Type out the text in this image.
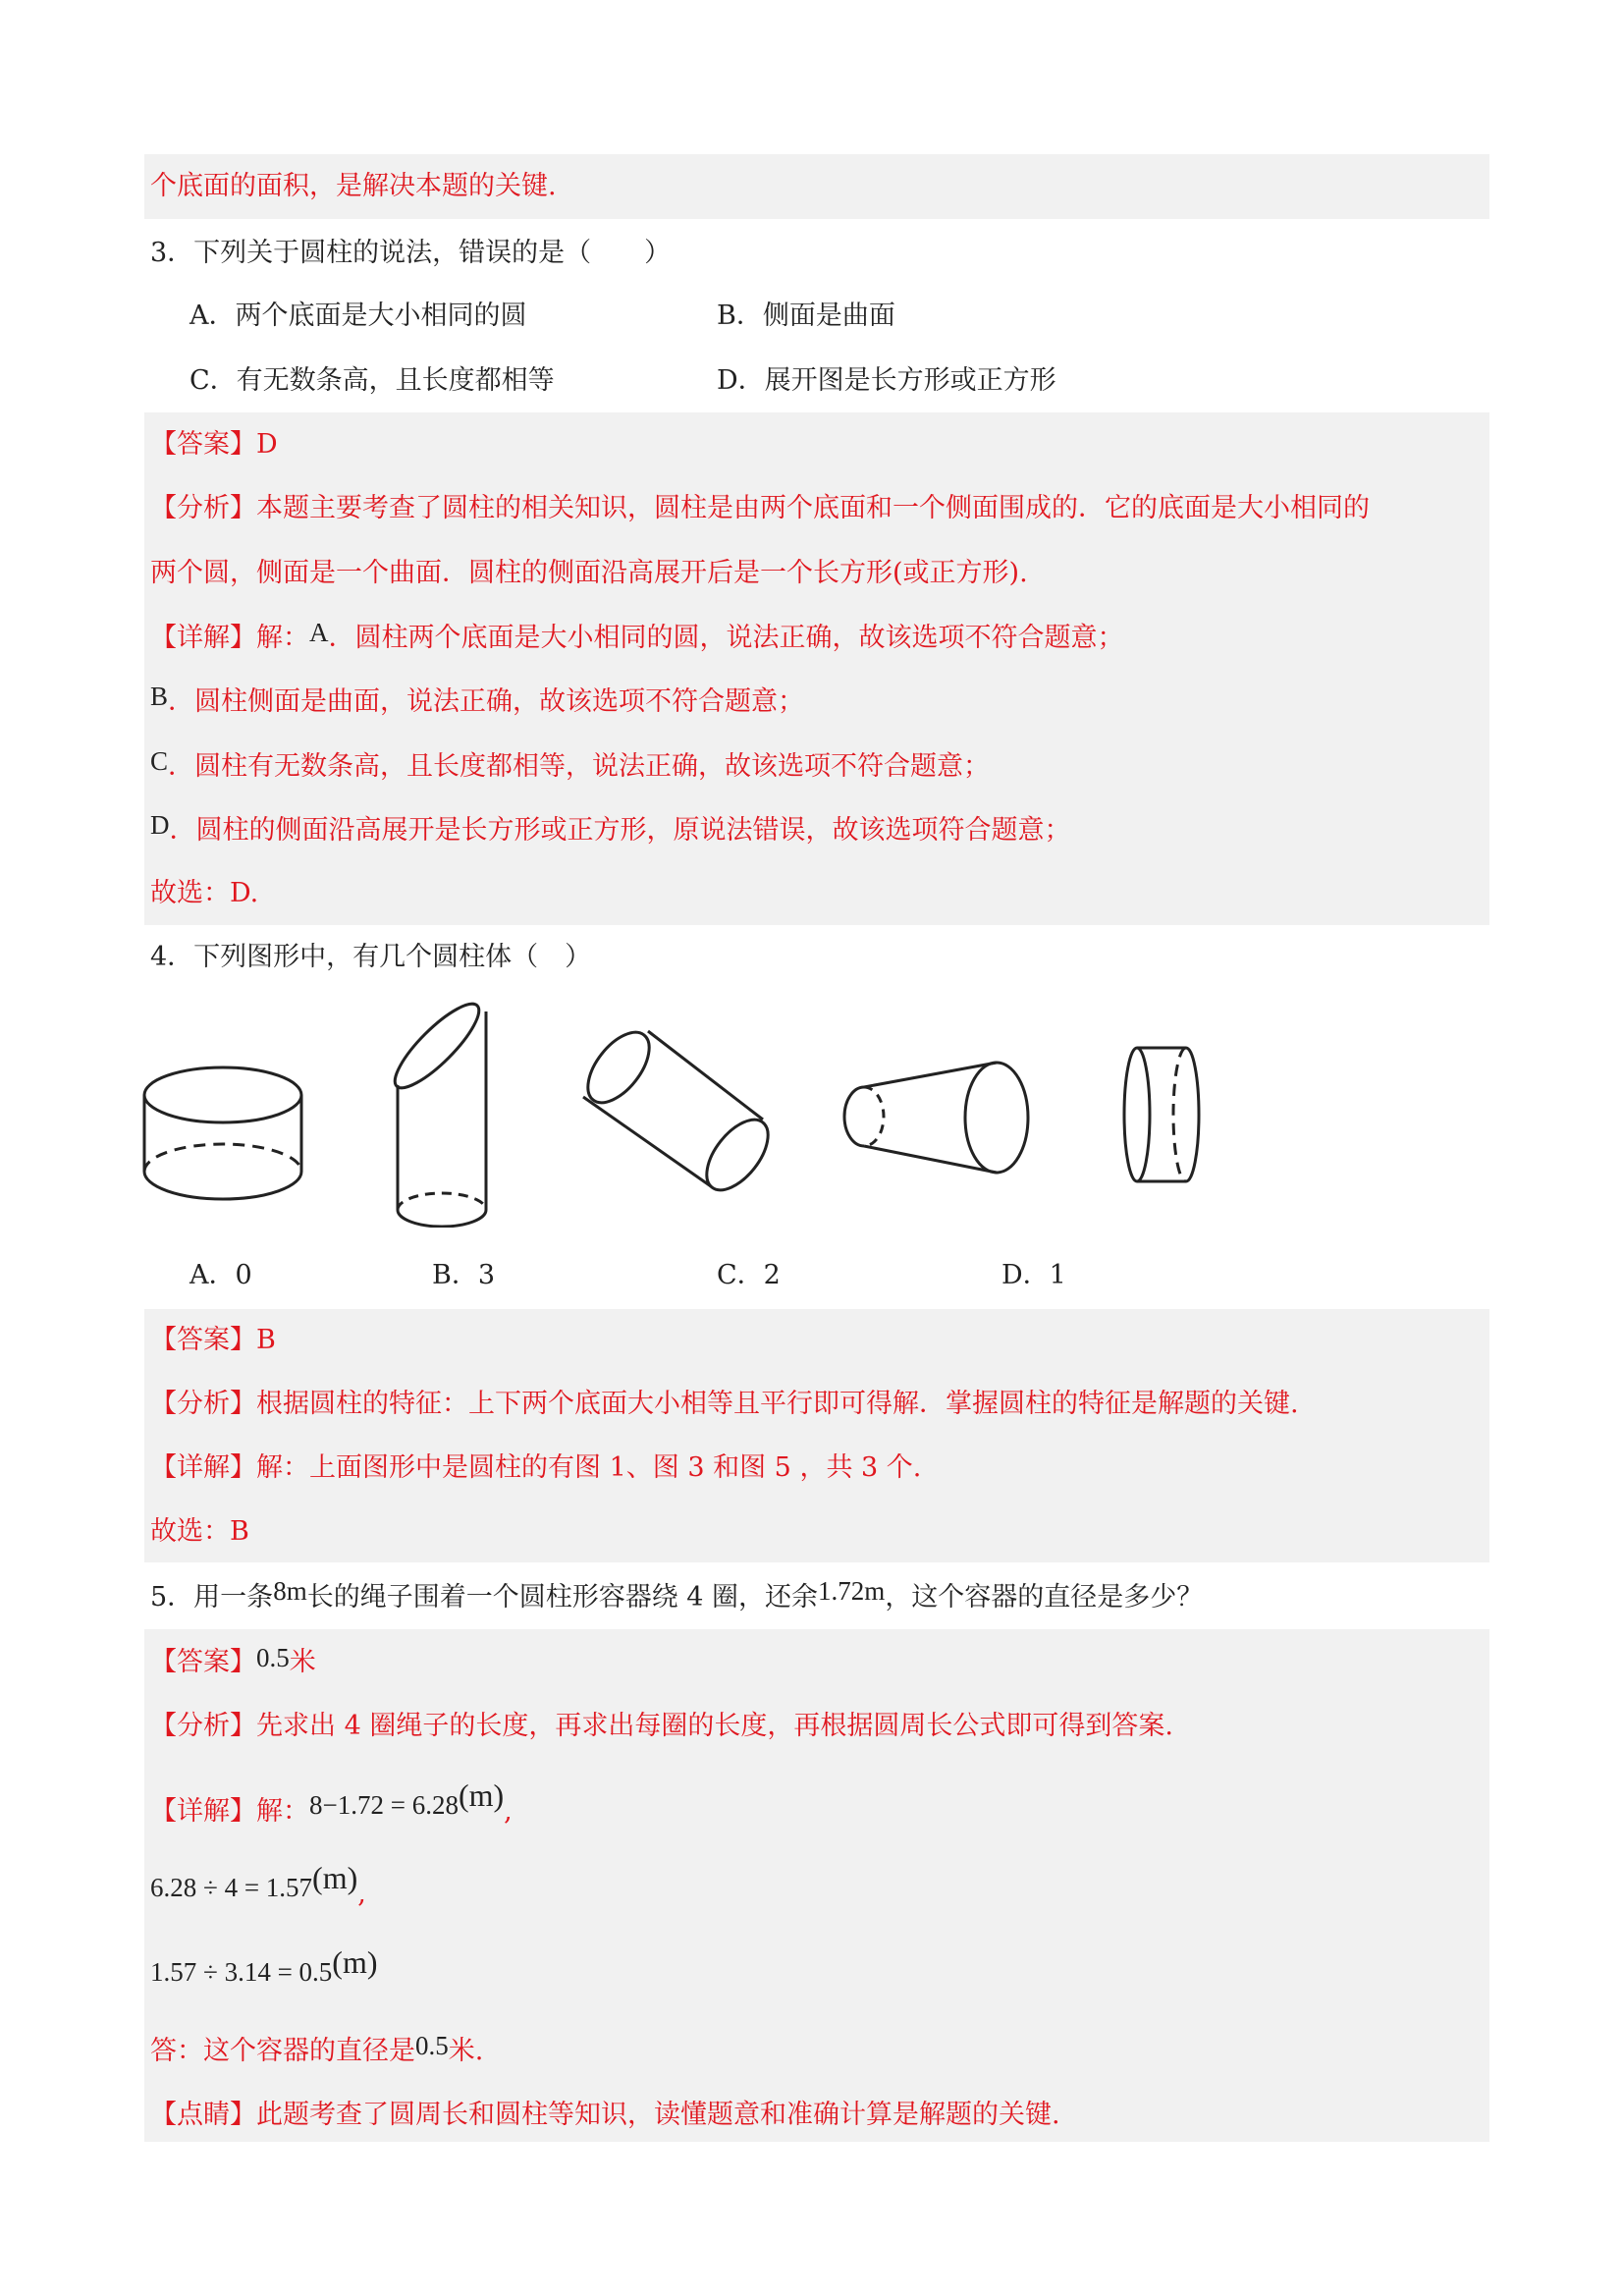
个底面的面积，是解决本题的关键.
3．下列关于圆柱的说法，错误的是（　　）
A．两个底面是大小相同的圆	B．侧面是曲面
C．有无数条高，且长度都相等	D．展开图是长方形或正方形
【答案】D
【分析】本题主要考查了圆柱的相关知识，圆柱是由两个底面和一个侧面围成的．它的底面是大小相同的
两个圆，侧面是一个曲面．圆柱的侧面沿高展开后是一个长方形(或正方形).
【详解】解：A．圆柱两个底面是大小相同的圆，说法正确，故该选项不符合题意；
B．圆柱侧面是曲面，说法正确，故该选项不符合题意；
C．圆柱有无数条高，且长度都相等，说法正确，故该选项不符合题意；
D．圆柱的侧面沿高展开是长方形或正方形，原说法错误，故该选项符合题意；
故选：D.
4．下列图形中，有几个圆柱体（　）
A．0	B．3	C．2	D．1
【答案】B
【分析】根据圆柱的特征：上下两个底面大小相等且平行即可得解．掌握圆柱的特征是解题的关键.
【详解】解：上面图形中是圆柱的有图 1、图 3 和图 5 ，共 3 个.
故选：B
5．用一条8m长的绳子围着一个圆柱形容器绕 4 圈，还余1.72m，这个容器的直径是多少？
【答案】0.5米
【分析】先求出 4 圈绳子的长度，再求出每圈的长度，再根据圆周长公式即可得到答案.
【详解】解：8−1.72 = 6.28(m),
6.28 ÷ 4 = 1.57(m),
1.57 ÷ 3.14 = 0.5(m)
答：这个容器的直径是0.5米.
【点睛】此题考查了圆周长和圆柱等知识，读懂题意和准确计算是解题的关键.
